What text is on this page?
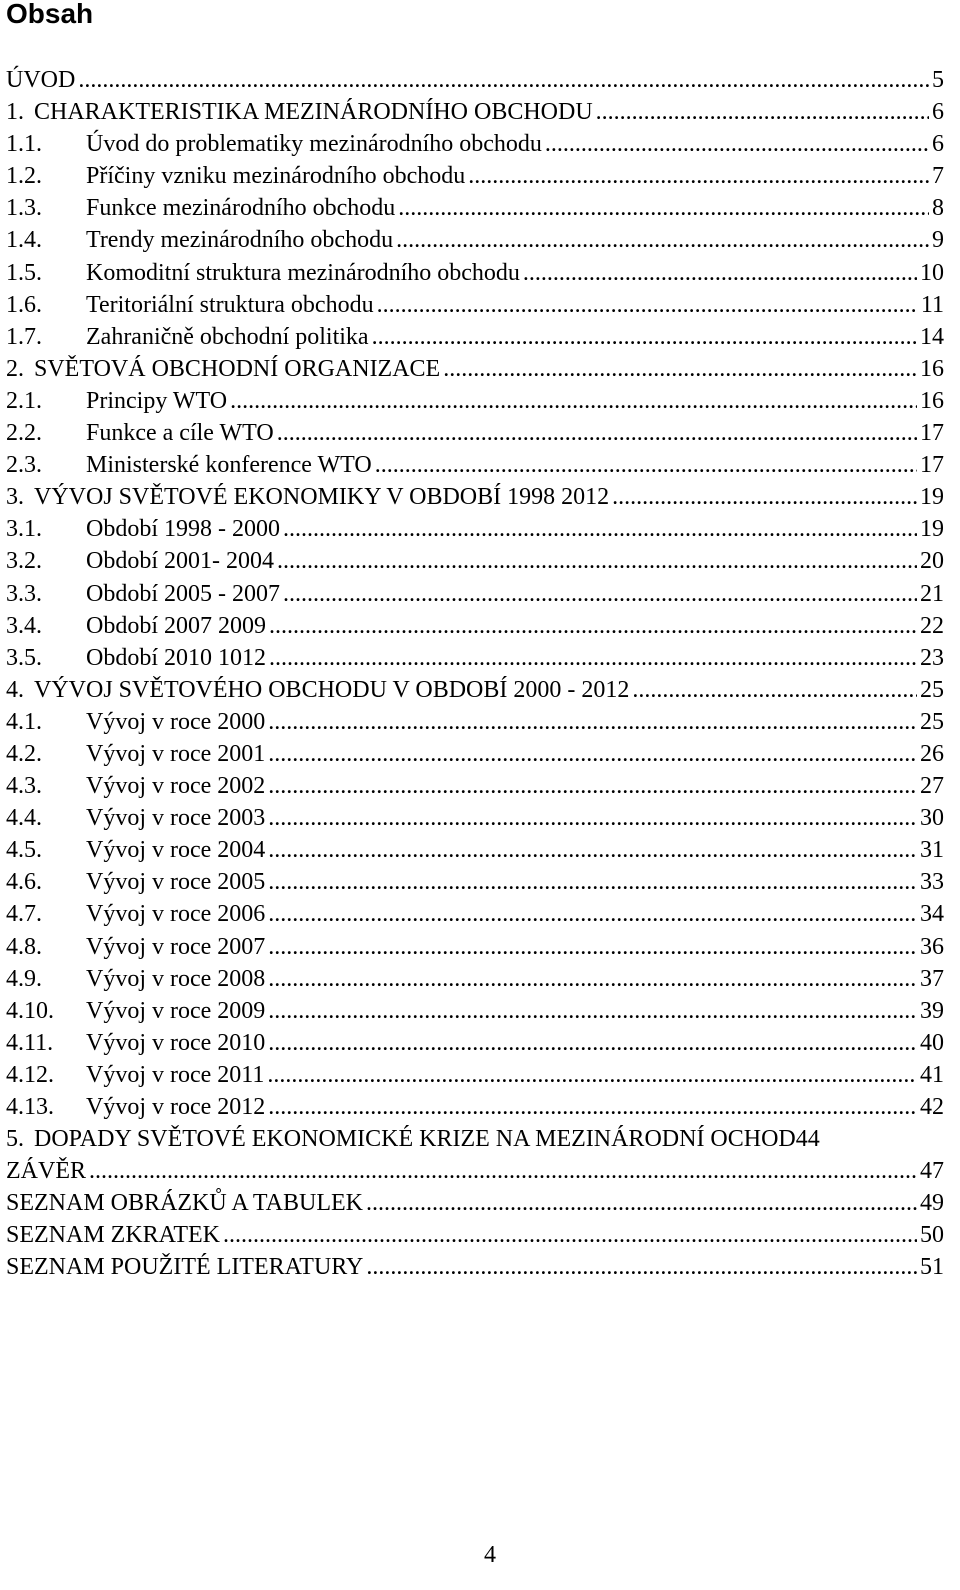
Obsah
ÚVOD .....	5
1. CHARAKTERISTIKA MEZINÁRODNÍHO OBCHODU .....	6
1.1.	Úvod do problematiky mezinárodního obchodu .....	6
1.2.	Příčiny vzniku mezinárodního obchodu .....	7
1.3.	Funkce mezinárodního obchodu .....	8
1.4.	Trendy mezinárodního obchodu .....	9
1.5.	Komoditní struktura mezinárodního obchodu .....	10
1.6.	Teritoriální struktura obchodu .....	11
1.7.	Zahraničně obchodní politika .....	14
2. SVĚTOVÁ OBCHODNÍ ORGANIZACE .....	16
2.1.	Principy WTO .....	16
2.2.	Funkce a cíle WTO .....	17
2.3.	Ministerské konference WTO .....	17
3. VÝVOJ SVĚTOVÉ EKONOMIKY V OBDOBÍ 1998 2012 .....	19
3.1.	Období 1998 - 2000 .....	19
3.2.	Období 2001- 2004 .....	20
3.3.	Období 2005 - 2007 .....	21
3.4.	Období 2007 2009 .....	22
3.5.	Období 2010 1012 .....	23
4. VÝVOJ SVĚTOVÉHO OBCHODU V OBDOBÍ 2000 - 2012 .....	25
4.1.	Vývoj v roce 2000 .....	25
4.2.	Vývoj v roce 2001 .....	26
4.3.	Vývoj v roce 2002 .....	27
4.4.	Vývoj v roce 2003 .....	30
4.5.	Vývoj v roce 2004 .....	31
4.6.	Vývoj v roce 2005 .....	33
4.7.	Vývoj v roce 2006 .....	34
4.8.	Vývoj v roce 2007 .....	36
4.9.	Vývoj v roce 2008 .....	37
4.10.	Vývoj v roce 2009 .....	39
4.11.	Vývoj v roce 2010 .....	40
4.12.	Vývoj v roce 2011 .....	41
4.13.	Vývoj v roce 2012 .....	42
5. DOPADY SVĚTOVÉ EKONOMICKÉ KRIZE NA MEZINÁRODNÍ OCHOD 44
ZÁVĚR .....	47
SEZNAM OBRÁZKŮ A TABULEK .....	49
SEZNAM ZKRATEK .....	50
SEZNAM POUŽITÉ LITERATURY .....	51
4
